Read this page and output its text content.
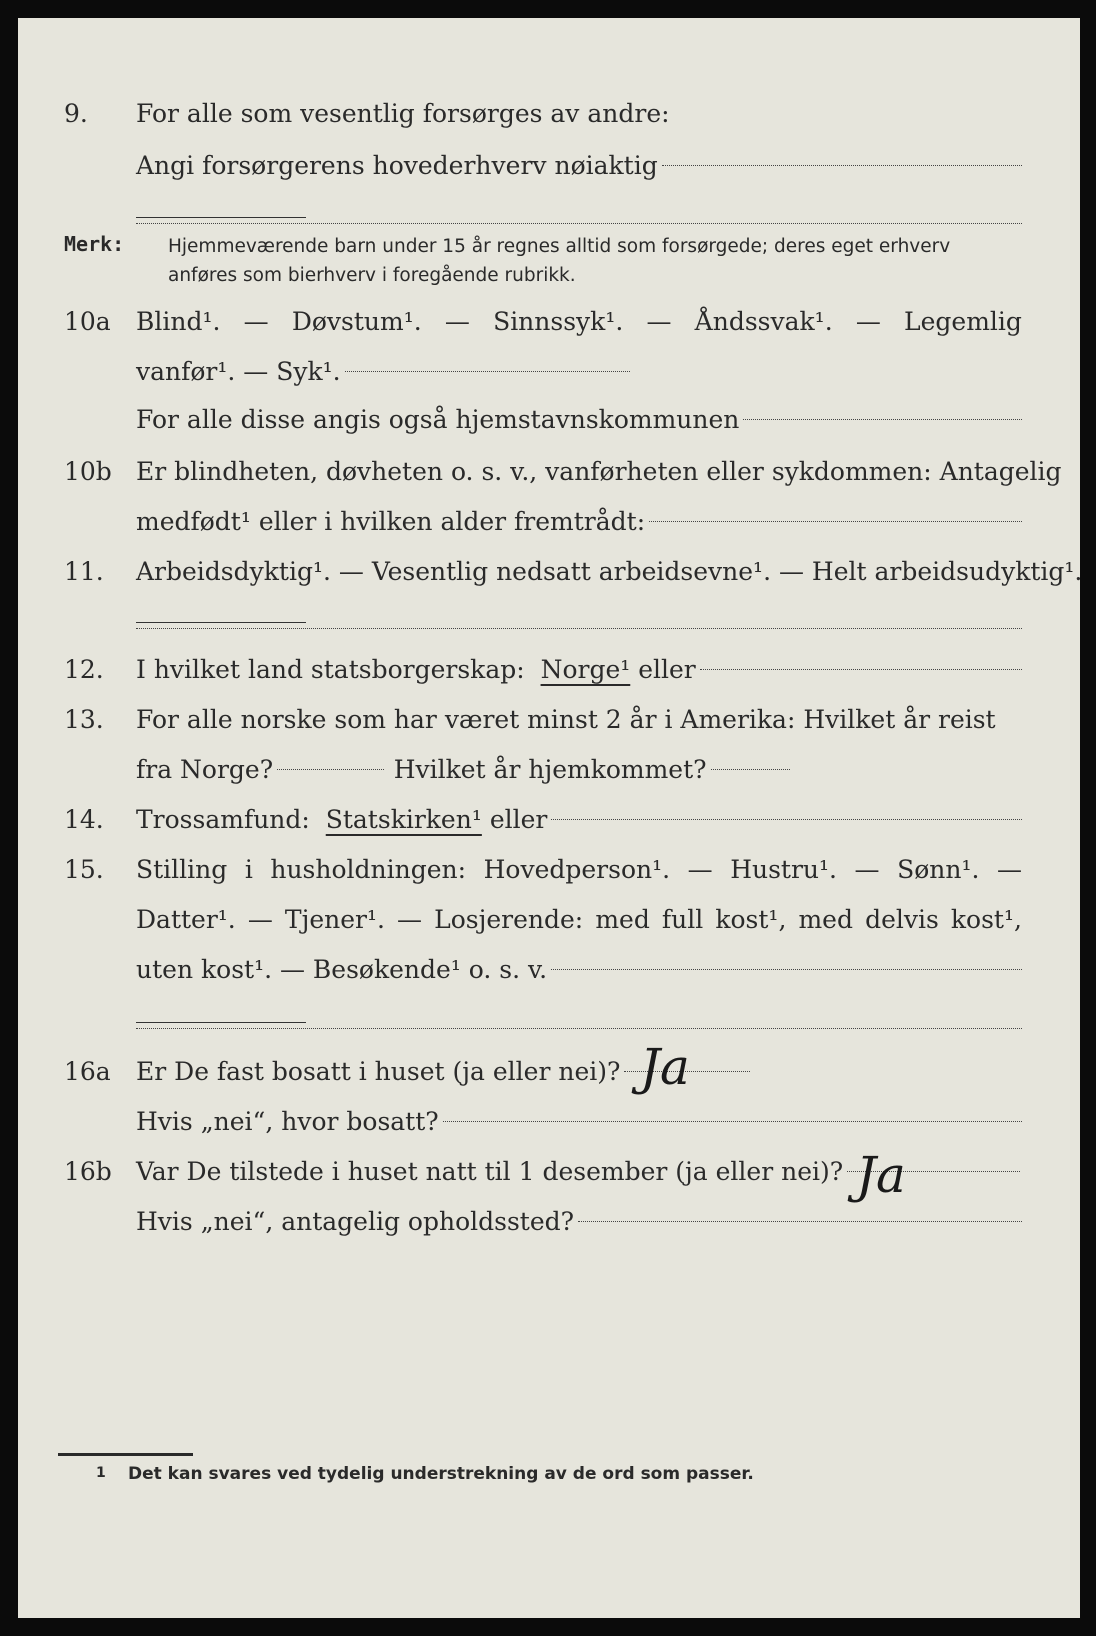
9. For alle som vesentlig forsørges av andre:
Angi forsørgerens hovederhverv nøiaktig
Merk: Hjemmeværende barn under 15 år regnes alltid som forsørgede; deres eget erhverv
anføres som bierhverv i foregående rubrikk.
10a Blind¹. — Døvstum¹. — Sinnssyk¹. — Åndssvak¹. — Legemlig
vanfør¹. — Syk¹.
For alle disse angis også hjemstavnskommunen
10b Er blindheten, døvheten o. s. v., vanførheten eller sykdommen: Antagelig
medfødt¹ eller i hvilken alder fremtrådt:
11. Arbeidsdyktig¹. — Vesentlig nedsatt arbeidsevne¹. — Helt arbeidsudyktig¹.
12. I hvilket land statsborgerskap:
Norge¹
eller
13. For alle norske som har været minst 2 år i Amerika: Hvilket år reist
fra Norge?	Hvilket år hjemkommet?
14. Trossamfund:
Statskirken¹
eller
15. Stilling i husholdningen: Hovedperson¹. — Hustru¹. — Sønn¹. —
Datter¹. — Tjener¹. — Losjerende: med full kost¹, med delvis kost¹,
uten kost¹. — Besøkende¹ o. s. v.
16a Er De fast bosatt i huset (ja eller nei)? Ja
Hvis „nei“, hvor bosatt?
16b Var De tilstede i huset natt til 1 desember (ja eller nei)? Ja
Hvis „nei“, antagelig opholdssted?
1 Det kan svares ved tydelig understrekning av de ord som passer.
